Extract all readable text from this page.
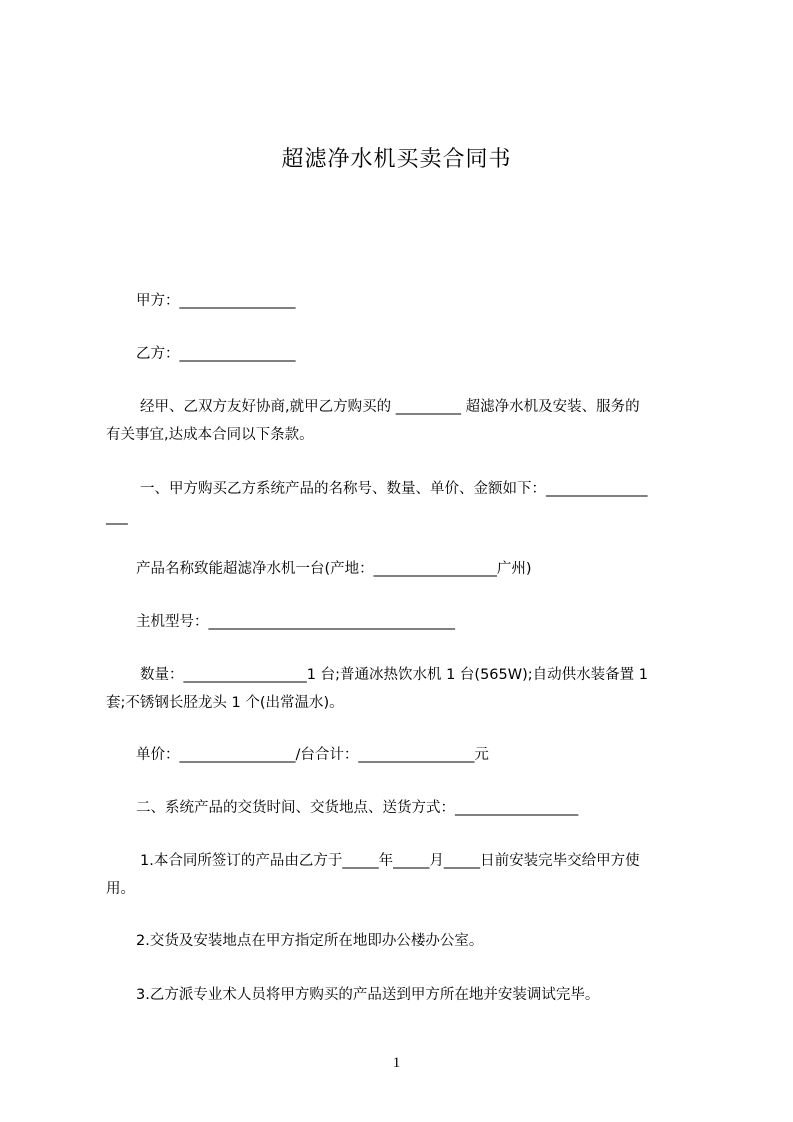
超滤净水机买卖合同书
甲方：________________
乙方：________________
经甲、乙双方友好协商,就甲乙方购买的 _________ 超滤净水机及安装、服务的
有关事宜,达成本合同以下条款。
一、甲方购买乙方系统产品的名称号、数量、单价、金额如下：______________
___
产品名称致能超滤净水机一台(产地：_________________广州)
主机型号：__________________________________
数量：_________________1 台;普通冰热饮水机 1 台(565W);自动供水装备置 1
套;不锈钢长胫龙头 1 个(出常温水)。
单价：________________/台合计：________________元
二、系统产品的交货时间、交货地点、送货方式：_________________
1.本合同所签订的产品由乙方于_____年_____月_____日前安装完毕交给甲方使
用。
2.交货及安装地点在甲方指定所在地即办公楼办公室。
3.乙方派专业术人员将甲方购买的产品送到甲方所在地并安装调试完毕。
1
